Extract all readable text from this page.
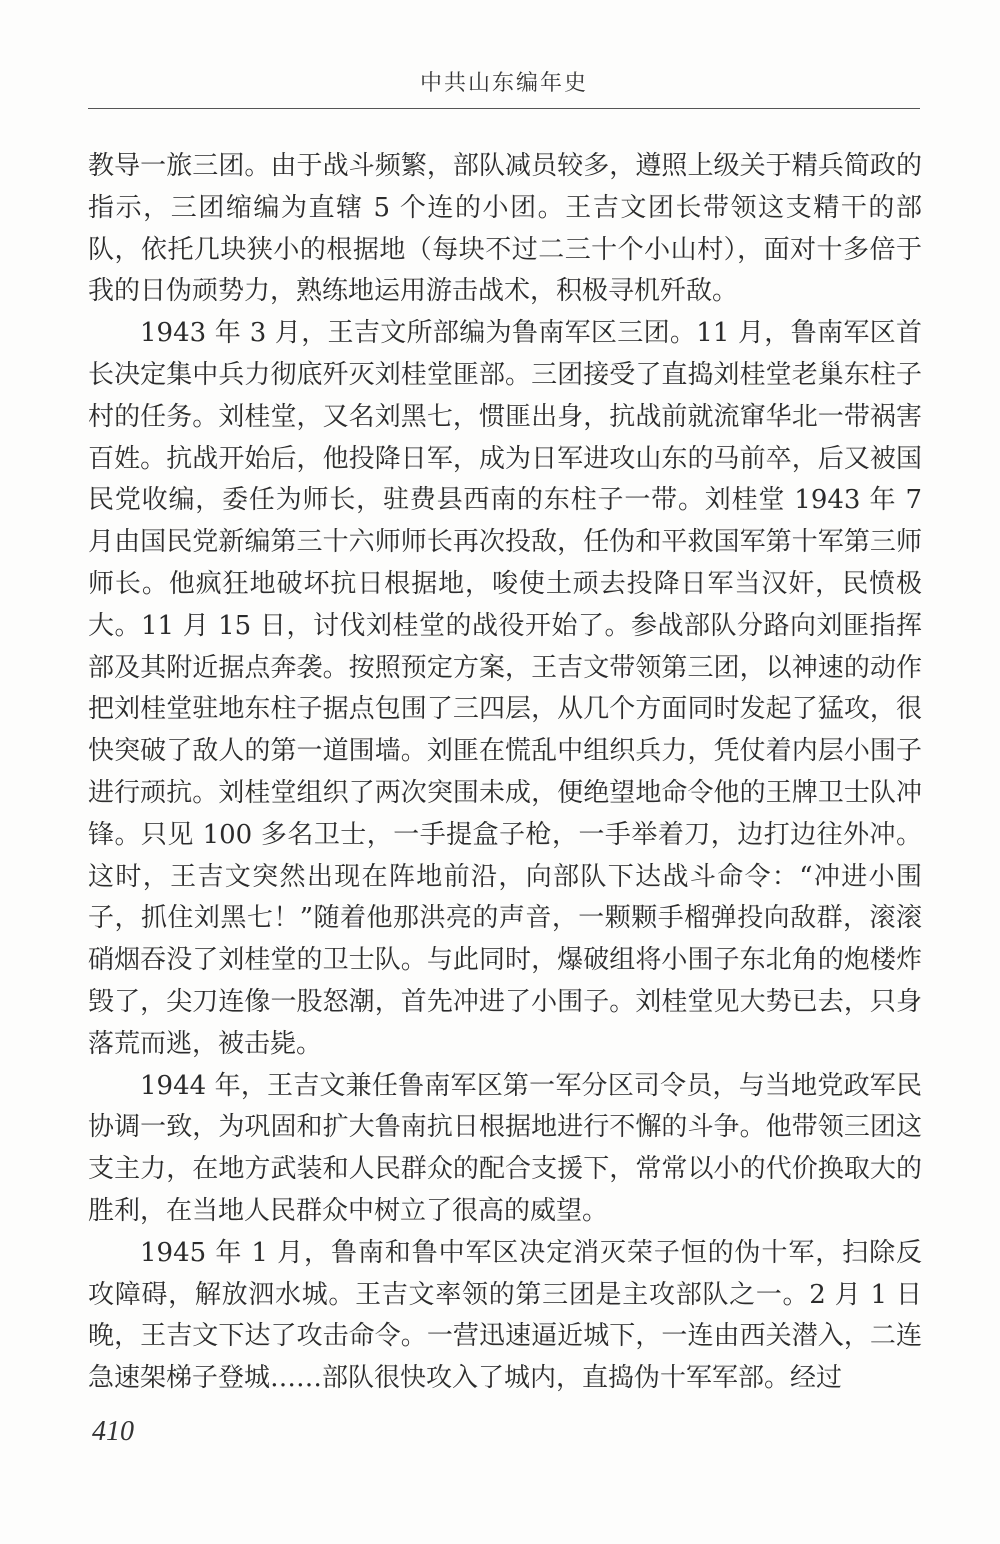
中共山东编年史

教导一旅三团。由于战斗频繁，部队减员较多，遵照上级关于精兵简政的指示，三团缩编为直辖 5 个连的小团。王吉文团长带领这支精干的部队，依托几块狭小的根据地（每块不过二三十个小山村），面对十多倍于我的日伪顽势力，熟练地运用游击战术，积极寻机歼敌。

1943 年 3 月，王吉文所部编为鲁南军区三团。11 月，鲁南军区首长决定集中兵力彻底歼灭刘桂堂匪部。三团接受了直捣刘桂堂老巢东柱子村的任务。刘桂堂，又名刘黑七，惯匪出身，抗战前就流窜华北一带祸害百姓。抗战开始后，他投降日军，成为日军进攻山东的马前卒，后又被国民党收编，委任为师长，驻费县西南的东柱子一带。刘桂堂 1943 年 7 月由国民党新编第三十六师师长再次投敌，任伪和平救国军第十军第三师师长。他疯狂地破坏抗日根据地，唆使土顽去投降日军当汉奸，民愤极大。11 月 15 日，讨伐刘桂堂的战役开始了。参战部队分路向刘匪指挥部及其附近据点奔袭。按照预定方案，王吉文带领第三团，以神速的动作把刘桂堂驻地东柱子据点包围了三四层，从几个方面同时发起了猛攻，很快突破了敌人的第一道围墙。刘匪在慌乱中组织兵力，凭仗着内层小围子进行顽抗。刘桂堂组织了两次突围未成，便绝望地命令他的王牌卫士队冲锋。只见 100 多名卫士，一手提盒子枪，一手举着刀，边打边往外冲。这时，王吉文突然出现在阵地前沿，向部队下达战斗命令：“冲进小围子，抓住刘黑七！”随着他那洪亮的声音，一颗颗手榴弹投向敌群，滚滚硝烟吞没了刘桂堂的卫士队。与此同时，爆破组将小围子东北角的炮楼炸毁了，尖刀连像一股怒潮，首先冲进了小围子。刘桂堂见大势已去，只身落荒而逃，被击毙。

1944 年，王吉文兼任鲁南军区第一军分区司令员，与当地党政军民协调一致，为巩固和扩大鲁南抗日根据地进行不懈的斗争。他带领三团这支主力，在地方武装和人民群众的配合支援下，常常以小的代价换取大的胜利，在当地人民群众中树立了很高的威望。

1945 年 1 月，鲁南和鲁中军区决定消灭荣子恒的伪十军，扫除反攻障碍，解放泗水城。王吉文率领的第三团是主攻部队之一。2 月 1 日晚，王吉文下达了攻击命令。一营迅速逼近城下，一连由西关潜入，二连急速架梯子登城……部队很快攻入了城内，直捣伪十军军部。经过

410
